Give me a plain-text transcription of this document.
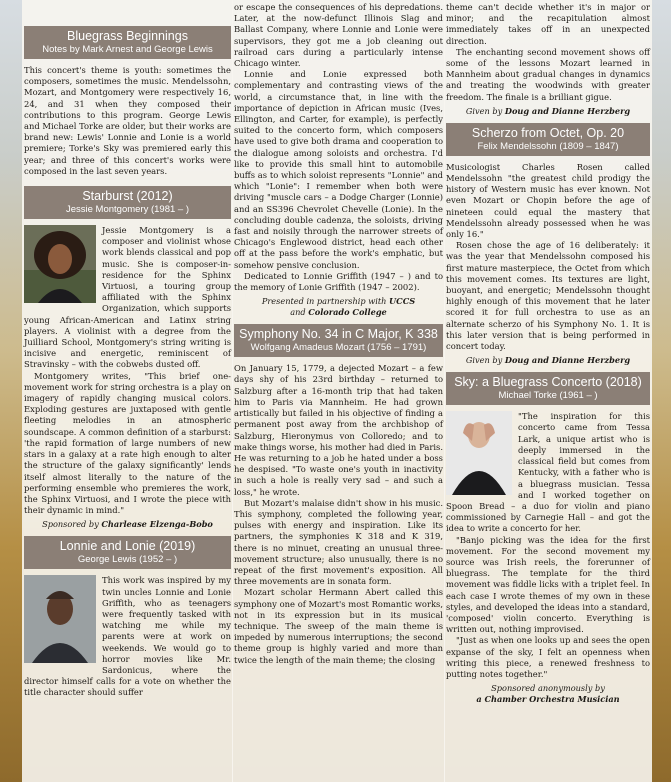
Bluegrass Beginnings
Notes by Mark Arnest and George Lewis

This concert's theme is youth: sometimes the composers, sometimes the music. Mendelssohn, Mozart, and Montgomery were respectively 16, 24, and 31 when they composed their contributions to this program. George Lewis and Michael Torke are older, but their works are brand new: Lewis' Lonnie and Lonie is a world premiere; Torke's Sky was premiered early this year; and three of this concert's works were composed in the last seven years.

Starburst (2012)
Jessie Montgomery (1981 – )

Jessie Montgomery is a composer and violinist whose work blends classical and pop music. She is composer-in-residence for the Sphinx Virtuosi, a touring group affiliated with the Sphinx Organization, which supports young African-American and Latinx string players. A violinist with a degree from the Juilliard School, Montgomery's string writing is incisive and energetic, reminiscent of Stravinsky – with the cobwebs dusted off.

Montgomery writes, "This brief one-movement work for string orchestra is a play on imagery of rapidly changing musical colors. Exploding gestures are juxtaposed with gentle fleeting melodies in an atmospheric soundscape. A common definition of a starburst: 'the rapid formation of large numbers of new stars in a galaxy at a rate high enough to alter the structure of the galaxy significantly' lends itself almost literally to the nature of the performing ensemble who premieres the work, the Sphinx Virtuosi, and I wrote the piece with their dynamic in mind."

Sponsored by Charlease Elzenga-Bobo
Lonnie and Lonie (2019)
George Lewis (1952 – )

This work was inspired by my twin uncles Lonnie and Lonie Griffith, who as teenagers were frequently tasked with watching me while my parents were at work on weekends. We would go to horror movies like Mr. Sardonicus, where the director himself calls for a vote on whether the title character should suffer

or escape the consequences of his depredations. Later, at the now-defunct Illinois Slag and Ballast Company, where Lonnie and Lonie were supervisors, they got me a job cleaning out railroad cars during a particularly intense Chicago winter.

Lonnie and Lonie expressed both complementary and contrasting views of the world, a circumstance that, in line with the importance of depiction in African music (Ives, Ellington, and Carter, for example), is perfectly suited to the concerto form, which composers have used to give both drama and cooperation to the dialogue among soloists and orchestra. I'd like to provide this small hint to automobile buffs as to which soloist represents "Lonnie" and which "Lonie": I remember when both were driving "muscle cars – a Dodge Charger (Lonnie) and an SS396 Chevrolet Chevelle (Lonie). In the concluding double cadenza, the soloists, driving fast and noisily through the narrower streets of Chicago's Englewood district, head each other off at the pass before the work's emphatic, but somehow pensive conclusion.

Dedicated to Lonnie Griffith (1947 – ) and to the memory of Lonie Griffith (1947 – 2002).

Presented in partnership with UCCS
and Colorado College
Symphony No. 34 in C Major, K 338
Wolfgang Amadeus Mozart (1756 – 1791)

On January 15, 1779, a dejected Mozart – a few days shy of his 23rd birthday – returned to Salzburg after a 16-month trip that had taken him to Paris via Mannheim. He had grown artistically but failed in his objective of finding a permanent post away from the archbishop of Salzburg, Hieronymus von Colloredo; and to make things worse, his mother had died in Paris. He was returning to a job he hated under a boss he despised. "To waste one's youth in inactivity in such a hole is really very sad – and such a loss," he wrote.

But Mozart's malaise didn't show in his music. This symphony, completed the following year, pulses with energy and inspiration. Like its partners, the symphonies K 318 and K 319, there is no minuet, creating an unusual three-movement structure; also unusually, there is no repeat of the first movement's exposition. All three movements are in sonata form.

Mozart scholar Hermann Abert called this symphony one of Mozart's most Romantic works, not in its expression but in its musical technique. The sweep of the main theme is impeded by numerous interruptions; the second theme group is highly varied and more than twice the length of the main theme; the closing

theme can't decide whether it's in major or minor; and the recapitulation almost immediately takes off in an unexpected direction.

The enchanting second movement shows off some of the lessons Mozart learned in Mannheim about gradual changes in dynamics and treating the woodwinds with greater freedom. The finale is a brilliant gigue.

Given by Doug and Dianne Herzberg
Scherzo from Octet, Op. 20
Felix Mendelssohn (1809 – 1847)

Musicologist Charles Rosen called Mendelssohn "the greatest child prodigy the history of Western music has ever known. Not even Mozart or Chopin before the age of nineteen could equal the mastery that Mendelssohn already possessed when he was only 16."

Rosen chose the age of 16 deliberately: it was the year that Mendelssohn composed his first mature masterpiece, the Octet from which this movement comes. Its textures are light, buoyant, and energetic; Mendelssohn thought highly enough of this movement that he later scored it for full orchestra to use as an alternate scherzo of his Symphony No. 1. It is this later version that is being performed in concert today.

Given by Doug and Dianne Herzberg
Sky: a Bluegrass Concerto (2018)
Michael Torke (1961 – )

"The inspiration for this concerto came from Tessa Lark, a unique artist who is deeply immersed in the classical field but comes from Kentucky, with a father who is a bluegrass musician. Tessa and I worked together on Spoon Bread – a duo for violin and piano commissioned by Carnegie Hall – and got the idea to write a concerto for her.

"Banjo picking was the idea for the first movement. For the second movement my source was Irish reels, the forerunner of bluegrass. The template for the third movement was fiddle licks with a triplet feel. In each case I wrote themes of my own in these styles, and developed the ideas into a standard, 'composed' violin concerto. Everything is written out, nothing improvised.

"Just as when one looks up and sees the open expanse of the sky, I felt an openness when writing this piece, a renewed freshness to putting notes together."

Sponsored anonymously by
a Chamber Orchestra Musician
